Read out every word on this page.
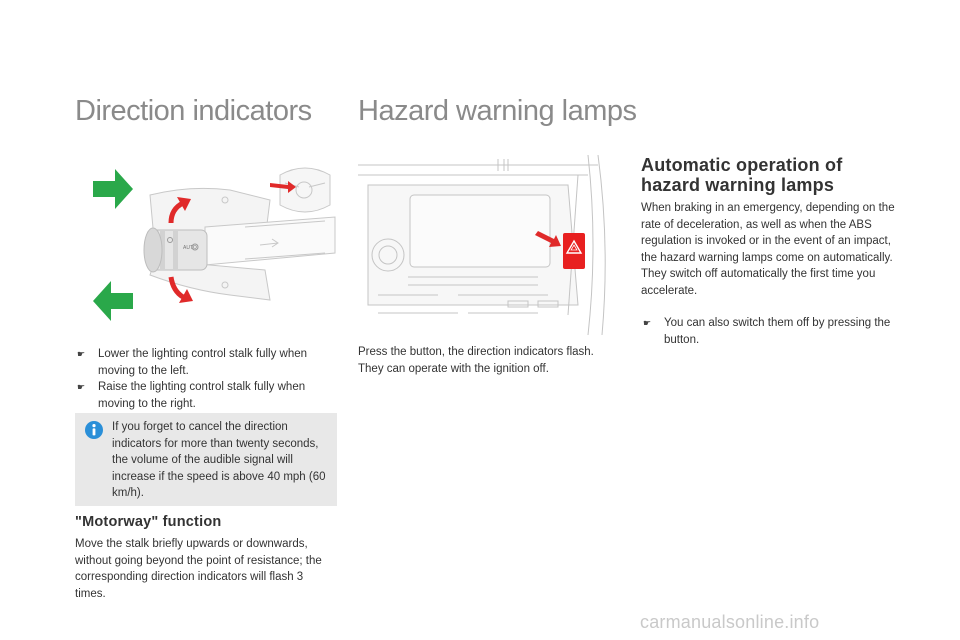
Direction indicators Hazard warning lamps
AUTO
☛ Lower the lighting control stalk fully when moving to the left.
☛ Raise the lighting control stalk fully when moving to the right.
If you forget to cancel the direction indicators for more than twenty seconds, the volume of the audible signal will increase if the speed is above 40 mph (60 km/h).
"Motorway" function

Move the stalk briefly upwards or downwards, without going beyond the point of resistance; the corresponding direction indicators will flash 3 times.

Press the button, the direction indicators flash. They can operate with the ignition off.

Automatic operation of hazard warning lamps

When braking in an emergency, depending on the rate of deceleration, as well as when the ABS regulation is invoked or in the event of an impact, the hazard warning lamps come on automatically. They switch off automatically the first time you accelerate.

☛ You can also switch them off by pressing the button.
carmanualsonline.info
